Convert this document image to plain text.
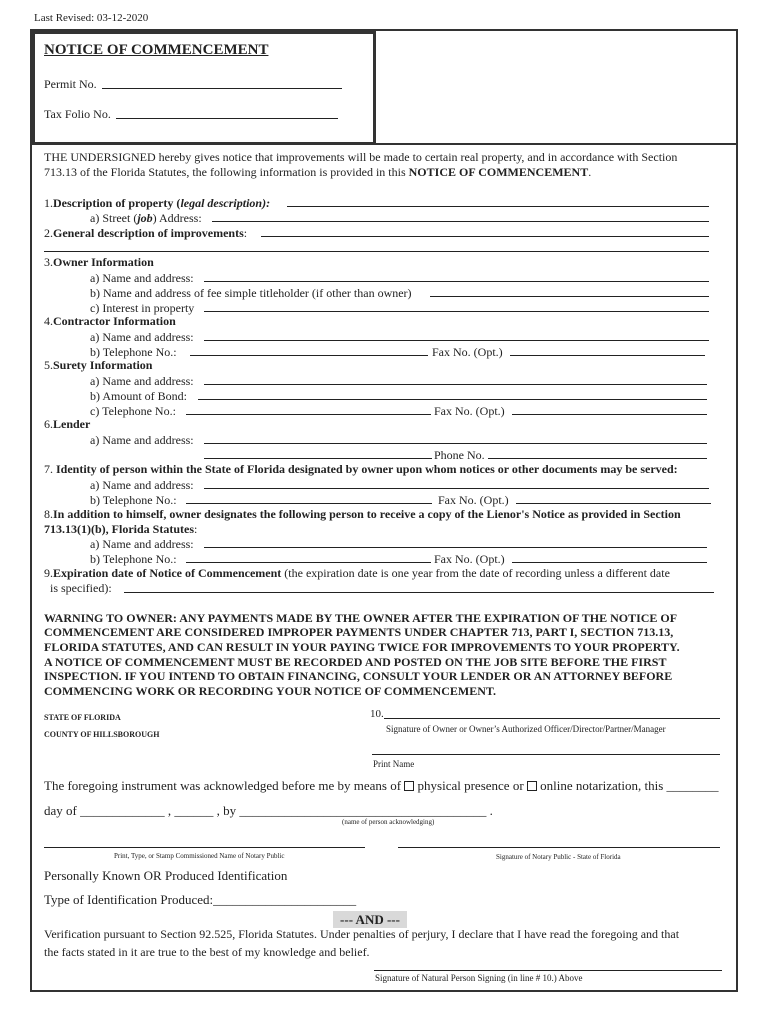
Last Revised: 03-12-2020
NOTICE OF COMMENCEMENT
Permit No.
Tax Folio No.
THE UNDERSIGNED hereby gives notice that improvements will be made to certain real property, and in accordance with Section
713.13 of the Florida Statutes, the following information is provided in this NOTICE OF COMMENCEMENT.
1.Description of property (legal description):
a) Street (job) Address:
2.General description of improvements:
3.Owner Information
a) Name and address:
b) Name and address of fee simple titleholder (if other than owner)
c) Interest in property
4.Contractor Information
a) Name and address:
b) Telephone No.:	Fax No. (Opt.)
5.Surety Information
a) Name and address:
b) Amount of Bond:
c) Telephone No.:	Fax No. (Opt.)
6.Lender
a) Name and address:
Phone No.
7. Identity of person within the State of Florida designated by owner upon whom notices or other documents may be served:
a) Name and address:
b) Telephone No.:	Fax No. (Opt.)
8.In addition to himself, owner designates the following person to receive a copy of the Lienor's Notice as provided in Section
713.13(1)(b), Florida Statutes:
a) Name and address:
b) Telephone No.:	Fax No. (Opt.)
9.Expiration date of Notice of Commencement (the expiration date is one year from the date of recording unless a different date
is specified):
WARNING TO OWNER: ANY PAYMENTS MADE BY THE OWNER AFTER THE EXPIRATION OF THE NOTICE OF
COMMENCEMENT ARE CONSIDERED IMPROPER PAYMENTS UNDER CHAPTER 713, PART I, SECTION 713.13,
FLORIDA STATUTES, AND CAN RESULT IN YOUR PAYING TWICE FOR IMPROVEMENTS TO YOUR PROPERTY.
A NOTICE OF COMMENCEMENT MUST BE RECORDED AND POSTED ON THE JOB SITE BEFORE THE FIRST
INSPECTION. IF YOU INTEND TO OBTAIN FINANCING, CONSULT YOUR LENDER OR AN ATTORNEY BEFORE
COMMENCING WORK OR RECORDING YOUR NOTICE OF COMMENCEMENT.
STATE OF FLORIDA
COUNTY OF HILLSBOROUGH
10.
Signature of Owner or Owner’s Authorized Officer/Director/Partner/Manager
Print Name
The foregoing instrument was acknowledged before me by means of  physical presence or  online notarization, this ________
day of _____________ , ______ , by ______________________________________ .
(name of person acknowledging)
Print, Type, or Stamp Commissioned Name of Notary Public	Signature of Notary Public - State of Florida
Personally Known OR Produced Identification
Type of Identification Produced:______________________
--- AND ---
Verification pursuant to Section 92.525, Florida Statutes. Under penalties of perjury, I declare that I have read the foregoing and that
the facts stated in it are true to the best of my knowledge and belief.
Signature of Natural Person Signing (in line # 10.) Above
